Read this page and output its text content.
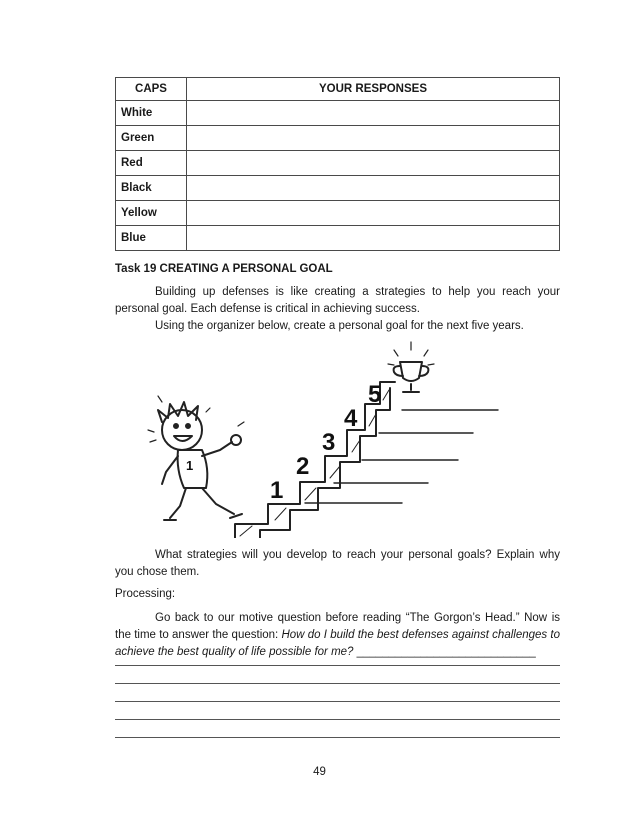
CAPS	YOUR RESPONSES
White	
Green	
Red	
Black	
Yellow	
Blue	
Task 19 CREATING A PERSONAL GOAL
Building up defenses is like creating a strategies to help you reach your personal goal. Each defense is critical in achieving success.
Using the organizer below, create a personal goal for the next five years.
1
2
3
4
5
1
What strategies will you develop to reach your personal goals? Explain why you chose them.
Processing:
Go back to our motive question before reading “The Gorgon’s Head.” Now is the time to answer the question: How do I build the best defenses against challenges to achieve the best quality of life possible for me? ____________________________
49
